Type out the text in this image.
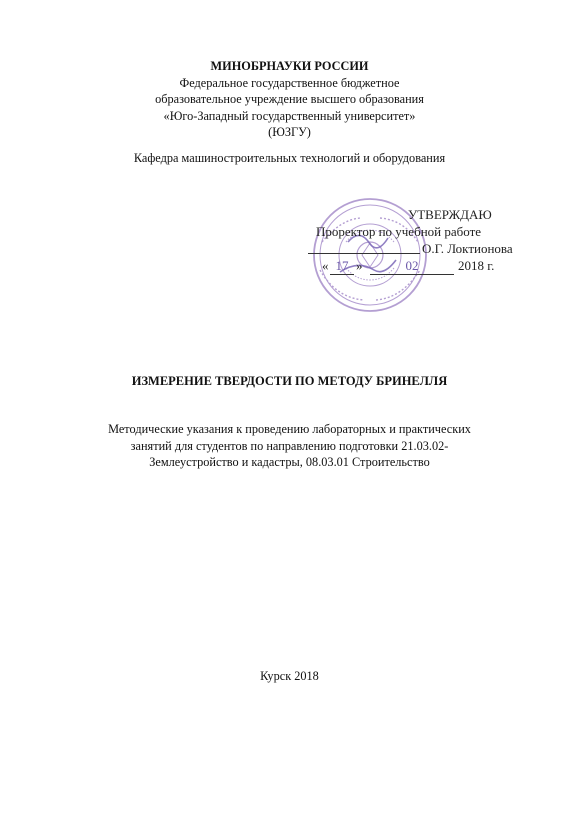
МИНОБРНАУКИ РОССИИ
Федеральное государственное бюджетное
образовательное учреждение высшего образования
«Юго-Западный государственный университет»
(ЮЗГУ)
Кафедра машиностроительных технологий и оборудования
УТВЕРЖДАЮ
Проректор по учебной работе
О.Г. Локтионова
« 17 »	02	2018 г.
ИЗМЕРЕНИЕ ТВЕРДОСТИ ПО МЕТОДУ БРИНЕЛЛЯ
Методические указания к проведению лабораторных и практических
занятий для студентов по направлению подготовки 21.03.02-
Землеустройство и кадастры, 08.03.01 Строительство
Курск 2018
